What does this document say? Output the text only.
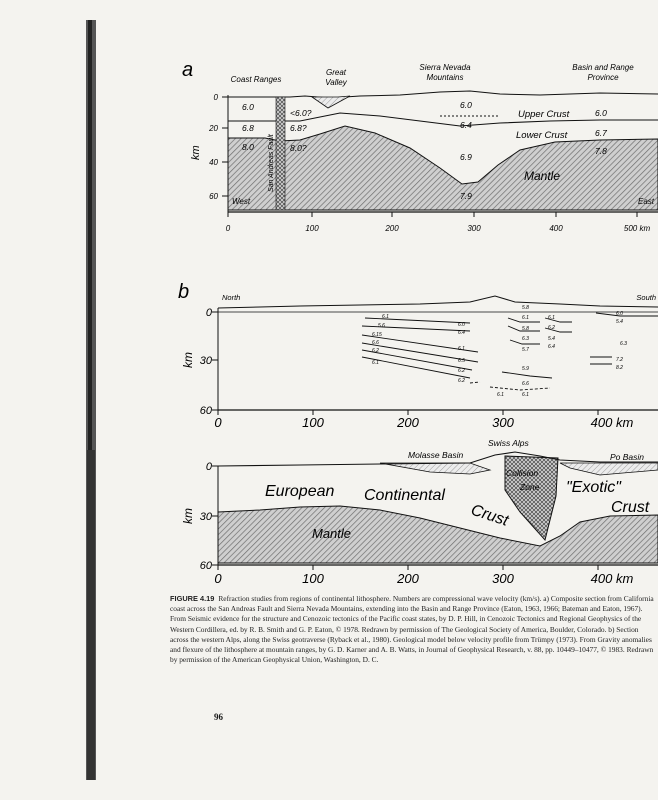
a	Coast Ranges
Great
Valley
Sierra Nevada
Mountains
Basin and Range
Province
San Andreas Fault
km
0
20
40
60
0	100	200	300	400	500 km
6.0
6.8
8.0
<6.0?
6.8?
8.0?
6.0
6.4
6.9
7.9
6.0
6.7
7.8
Upper Crust
Lower Crust
Mantle
West	East
b	North	South
6.1
5.6
6.15
6.6
6.2
6.1
6.0
6.4
6.1
6.5
6.2
6.2
5.8
6.1
5.8
6.3
5.7
5.9
6.6
6.1
6.1
6.1
6.2
5.4
6.4
6.0
5.4
6.3
7.2
8.2
km
0
30
60
0	100	200	300	400 km
Molasse Basin
Swiss Alps
Po Basin
Collision
Zone
European Continental
Crust
"Exotic"
Crust
Mantle
km
0
30
60
0	100	200	300	400 km
FIGURE 4.19 Refraction studies from regions of continental lithosphere. Numbers are compressional wave velocity (km/s). a) Composite section from California coast across the San Andreas Fault and Sierra Nevada Mountains, extending into the Basin and Range Province (Eaton, 1963, 1966; Bateman and Eaton, 1967). From Seismic evidence for the structure and Cenozoic tectonics of the Pacific coast states, by D. P. Hill, in Cenozoic Tectonics and Regional Geophysics of the Western Cordillera, ed. by R. B. Smith and G. P. Eaton, © 1978. Redrawn by permission of The Geological Society of America, Boulder, Colorado. b) Section across the western Alps, along the Swiss geotraverse (Ryback et al., 1980). Geological model below velocity profile from Trümpy (1973). From Gravity anomalies and flexure of the lithosphere at mountain ranges, by G. D. Karner and A. B. Watts, in Journal of Geophysical Research, v. 88, pp. 10449–10477, © 1983. Redrawn by permission of the American Geophysical Union, Washington, D. C.
96
